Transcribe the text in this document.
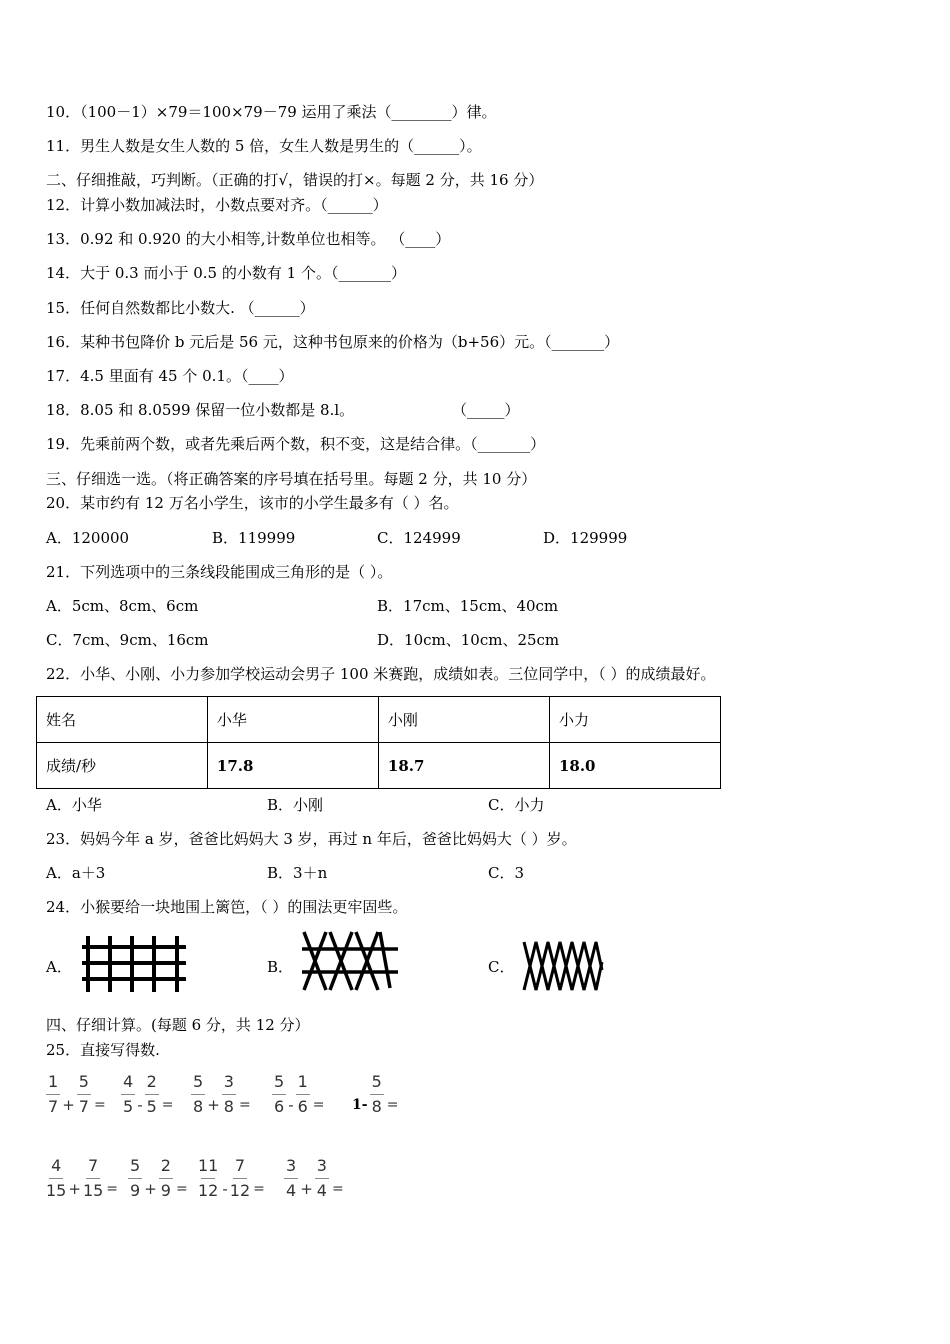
10．（100－1）×79＝100×79－79 运用了乘法（________）律。
11．男生人数是女生人数的 5 倍，女生人数是男生的（______）。
二、仔细推敲，巧判断。（正确的打√，错误的打×。每题 2 分，共 16 分）
12．计算小数加减法时，小数点要对齐。（______）
13．0.92 和 0.920 的大小相等,计数单位也相等。 （____）
14．大于 0.3 而小于 0.5 的小数有 1 个。（_______）
15．任何自然数都比小数大. （______）
16．某种书包降价 b 元后是 56 元，这种书包原来的价格为（b+56）元。（_______）
17．4.5 里面有 45 个 0.1。（____）
18．8.05 和 8.0599 保留一位小数都是 8.l。	（_____）
19．先乘前两个数，或者先乘后两个数，积不变，这是结合律。（_______）
三、仔细选一选。（将正确答案的序号填在括号里。每题 2 分，共 10 分）
20．某市约有 12 万名小学生，该市的小学生最多有（ ）名。
A．120000	B．119999	C．124999	D．129999
21．下列选项中的三条线段能围成三角形的是（ ）。
A．5cm、8cm、6cm	B．17cm、15cm、40cm
C．7cm、9cm、16cm	D．10cm、10cm、25cm
22．小华、小刚、小力参加学校运动会男子 100 米赛跑，成绩如表。三位同学中，（ ）的成绩最好。
姓名	小华	小刚	小力
成绩/秒	17.8	18.7	18.0
A．小华	B．小刚	C．小力
23．妈妈今年 a 岁，爸爸比妈妈大 3 岁，再过 n 年后，爸爸比妈妈大（ ）岁。
A．a＋3	B．3＋n	C．3
24．小猴要给一块地围上篱笆，（ ）的围法更牢固些。
A．	B．	C．
四、仔细计算。(每题 6 分，共 12 分）
25．直接写得数.
$\frac{1}{7} + \frac{5}{7} = \frac{4}{5} - \frac{2}{5} = \frac{5}{8} + \frac{3}{8} = \frac{5}{6} - \frac{1}{6} = 1- \frac{5}{8}$ =
$\frac{4}{15} + \frac{7}{15} = \frac{5}{9} + \frac{2}{9} = \frac{11}{12} - \frac{7}{12} = \frac{3}{4} + \frac{3}{4}$ =
